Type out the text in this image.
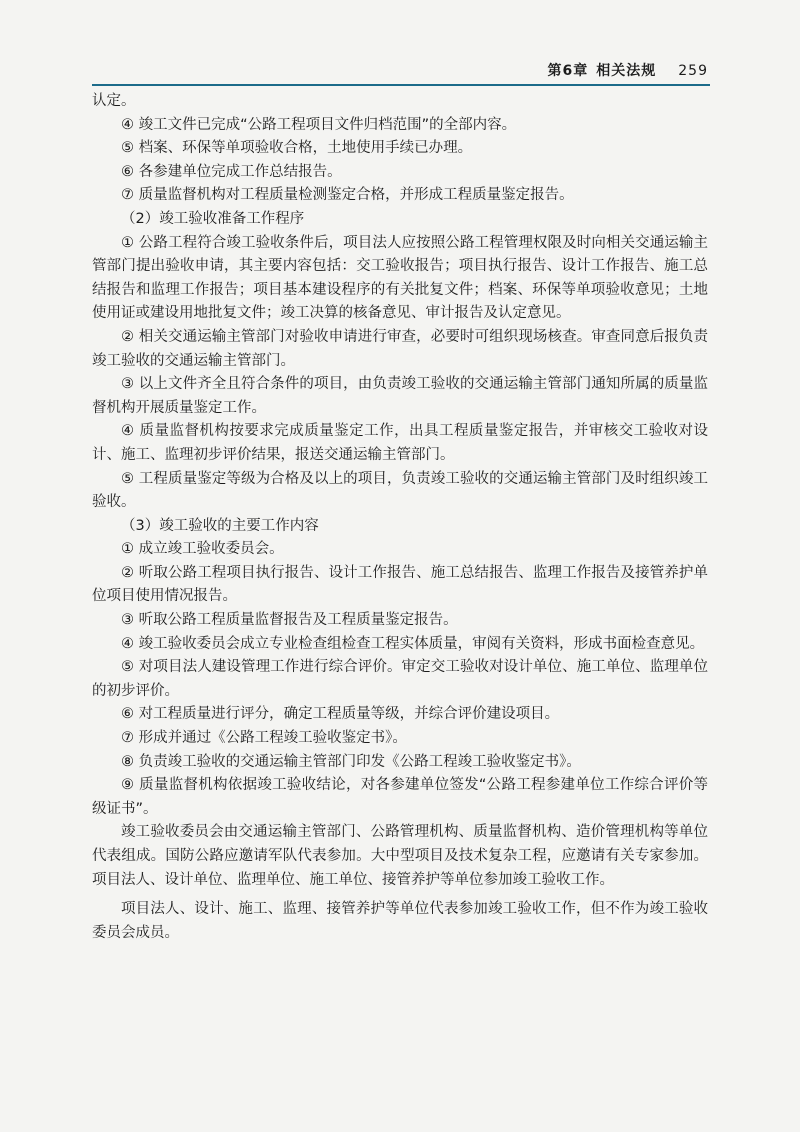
第6章 相关法规 259

认定。

④ 竣工文件已完成“公路工程项目文件归档范围”的全部内容。

⑤ 档案、环保等单项验收合格，土地使用手续已办理。

⑥ 各参建单位完成工作总结报告。

⑦ 质量监督机构对工程质量检测鉴定合格，并形成工程质量鉴定报告。

（2）竣工验收准备工作程序

① 公路工程符合竣工验收条件后，项目法人应按照公路工程管理权限及时向相关交通运输主管部门提出验收申请，其主要内容包括：交工验收报告；项目执行报告、设计工作报告、施工总结报告和监理工作报告；项目基本建设程序的有关批复文件；档案、环保等单项验收意见；土地使用证或建设用地批复文件；竣工决算的核备意见、审计报告及认定意见。

② 相关交通运输主管部门对验收申请进行审查，必要时可组织现场核查。审查同意后报负责竣工验收的交通运输主管部门。

③ 以上文件齐全且符合条件的项目，由负责竣工验收的交通运输主管部门通知所属的质量监督机构开展质量鉴定工作。

④ 质量监督机构按要求完成质量鉴定工作，出具工程质量鉴定报告，并审核交工验收对设计、施工、监理初步评价结果，报送交通运输主管部门。

⑤ 工程质量鉴定等级为合格及以上的项目，负责竣工验收的交通运输主管部门及时组织竣工验收。

（3）竣工验收的主要工作内容

① 成立竣工验收委员会。

② 听取公路工程项目执行报告、设计工作报告、施工总结报告、监理工作报告及接管养护单位项目使用情况报告。

③ 听取公路工程质量监督报告及工程质量鉴定报告。

④ 竣工验收委员会成立专业检查组检查工程实体质量，审阅有关资料，形成书面检查意见。

⑤ 对项目法人建设管理工作进行综合评价。审定交工验收对设计单位、施工单位、监理单位的初步评价。

⑥ 对工程质量进行评分，确定工程质量等级，并综合评价建设项目。

⑦ 形成并通过《公路工程竣工验收鉴定书》。

⑧ 负责竣工验收的交通运输主管部门印发《公路工程竣工验收鉴定书》。

⑨ 质量监督机构依据竣工验收结论，对各参建单位签发“公路工程参建单位工作综合评价等级证书”。

竣工验收委员会由交通运输主管部门、公路管理机构、质量监督机构、造价管理机构等单位代表组成。国防公路应邀请军队代表参加。大中型项目及技术复杂工程，应邀请有关专家参加。项目法人、设计单位、监理单位、施工单位、接管养护等单位参加竣工验收工作。

项目法人、设计、施工、监理、接管养护等单位代表参加竣工验收工作，但不作为竣工验收委员会成员。
